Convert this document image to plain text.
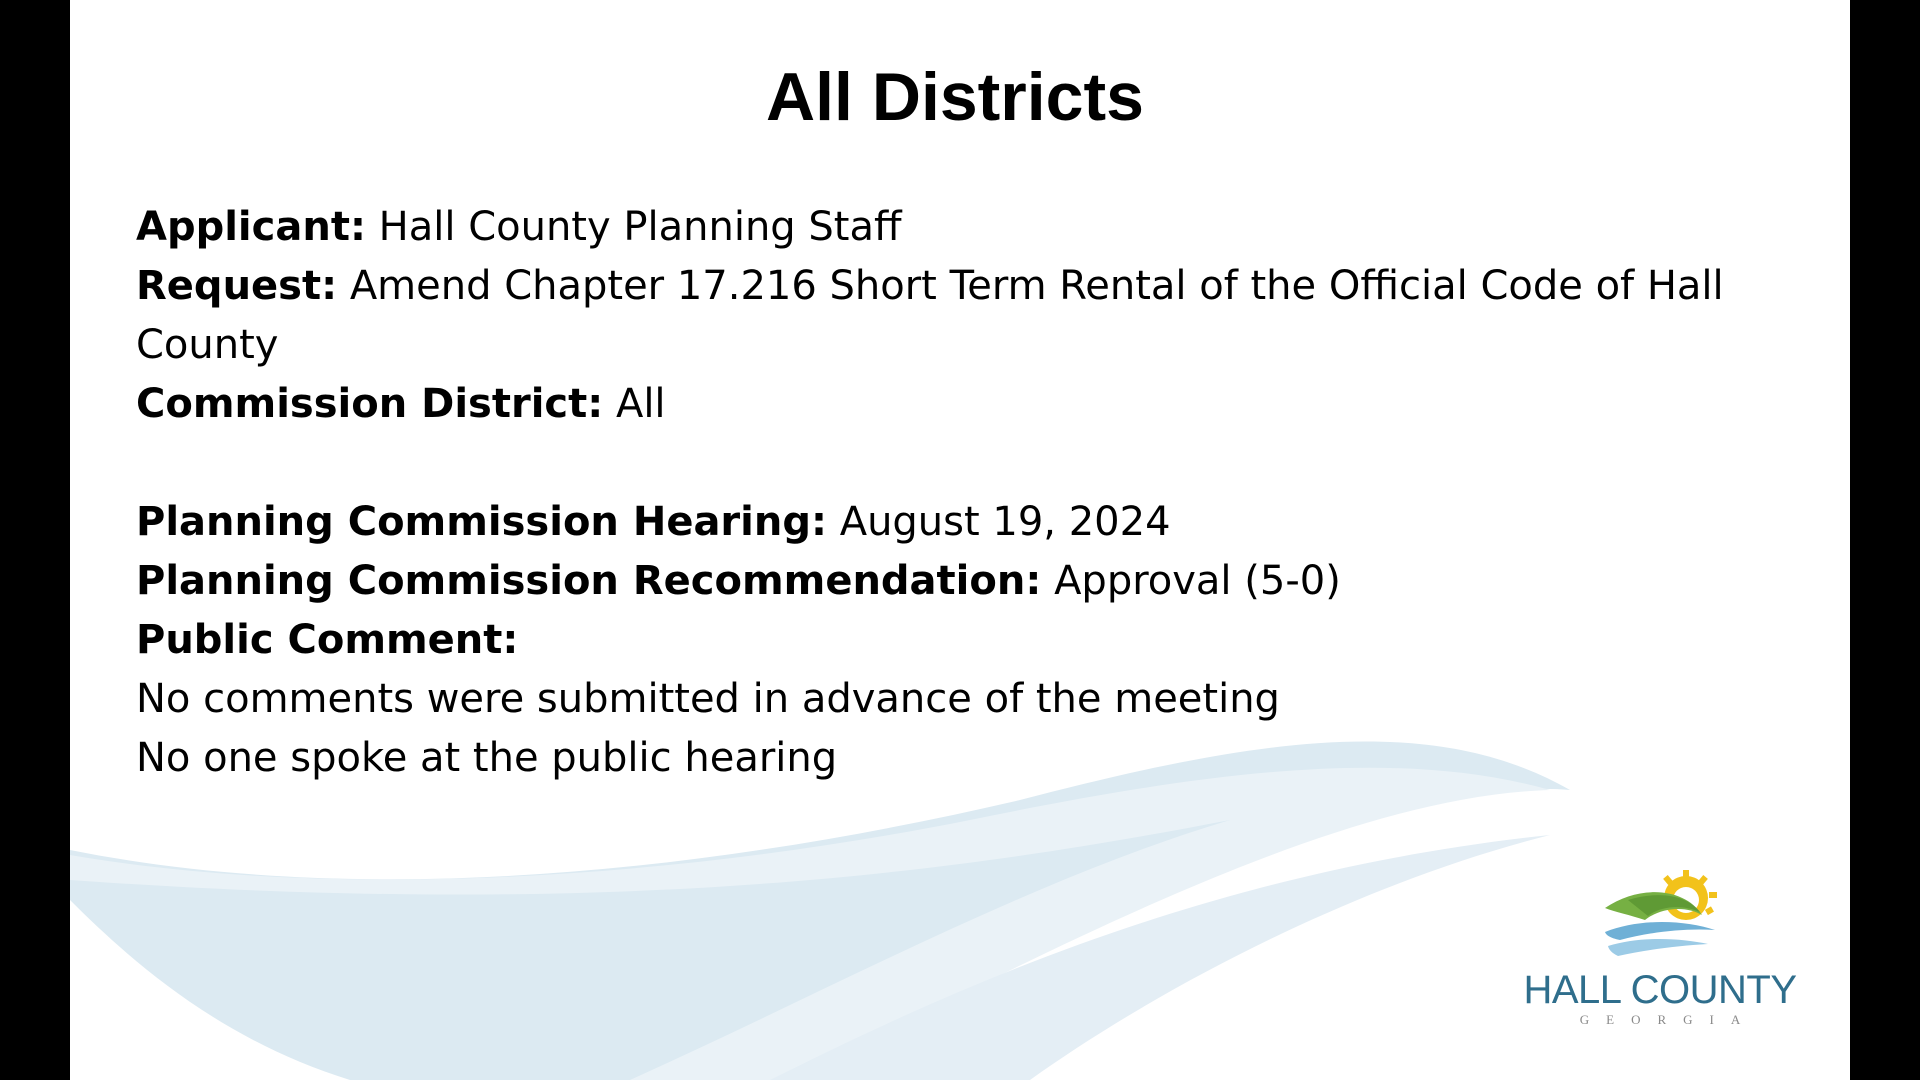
All Districts
Applicant: Hall County Planning Staff
Request: Amend Chapter 17.216 Short Term Rental of the Official Code of Hall County
Commission District: All
Planning Commission Hearing: August 19, 2024
Planning Commission Recommendation: Approval (5-0)
Public Comment:
No comments were submitted in advance of the meeting
No one spoke at the public hearing
HALL COUNTY
GEORGIA
